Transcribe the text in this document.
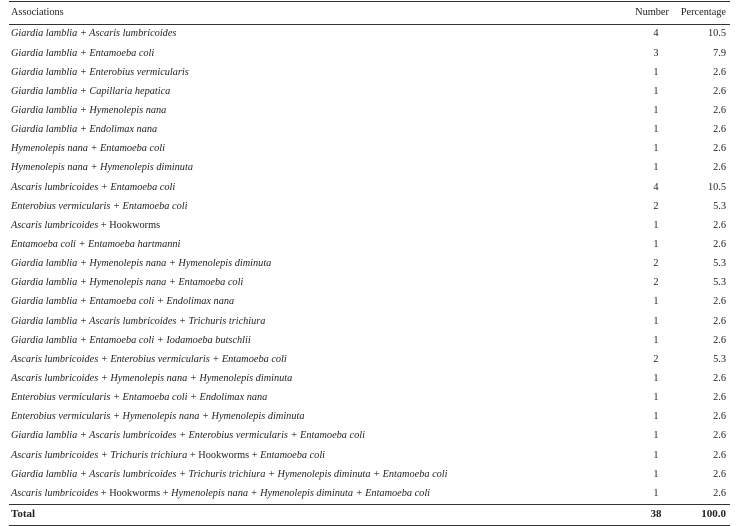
Associations	Number	Percentage
Giardia lamblia + Ascaris lumbricoides	4	10.5
Giardia lamblia + Entamoeba coli	3	7.9
Giardia lamblia + Enterobius vermicularis	1	2.6
Giardia lamblia + Capillaria hepatica	1	2.6
Giardia lamblia + Hymenolepis nana	1	2.6
Giardia lamblia + Endolimax nana	1	2.6
Hymenolepis nana + Entamoeba coli	1	2.6
Hymenolepis nana + Hymenolepis diminuta	1	2.6
Ascaris lumbricoides + Entamoeba coli	4	10.5
Enterobius vermicularis + Entamoeba coli	2	5.3
Ascaris lumbricoides + Hookworms	1	2.6
Entamoeba coli + Entamoeba hartmanni	1	2.6
Giardia lamblia + Hymenolepis nana + Hymenolepis diminuta	2	5.3
Giardia lamblia + Hymenolepis nana + Entamoeba coli	2	5.3
Giardia lamblia + Entamoeba coli + Endolimax nana	1	2.6
Giardia lamblia + Ascaris lumbricoides + Trichuris trichiura	1	2.6
Giardia lamblia + Entamoeba coli + Iodamoeba butschlii	1	2.6
Ascaris lumbricoides + Enterobius vermicularis + Entamoeba coli	2	5.3
Ascaris lumbricoides + Hymenolepis nana + Hymenolepis diminuta	1	2.6
Enterobius vermicularis + Entamoeba coli + Endolimax nana	1	2.6
Enterobius vermicularis + Hymenolepis nana + Hymenolepis diminuta	1	2.6
Giardia lamblia + Ascaris lumbricoides + Enterobius vermicularis + Entamoeba coli	1	2.6
Ascaris lumbricoides + Trichuris trichiura + Hookworms + Entamoeba coli	1	2.6
Giardia lamblia + Ascaris lumbricoides + Trichuris trichiura + Hymenolepis diminuta + Entamoeba coli	1	2.6
Ascaris lumbricoides + Hookworms + Hymenolepis nana + Hymenolepis diminuta + Entamoeba coli	1	2.6
Total	38	100.0
